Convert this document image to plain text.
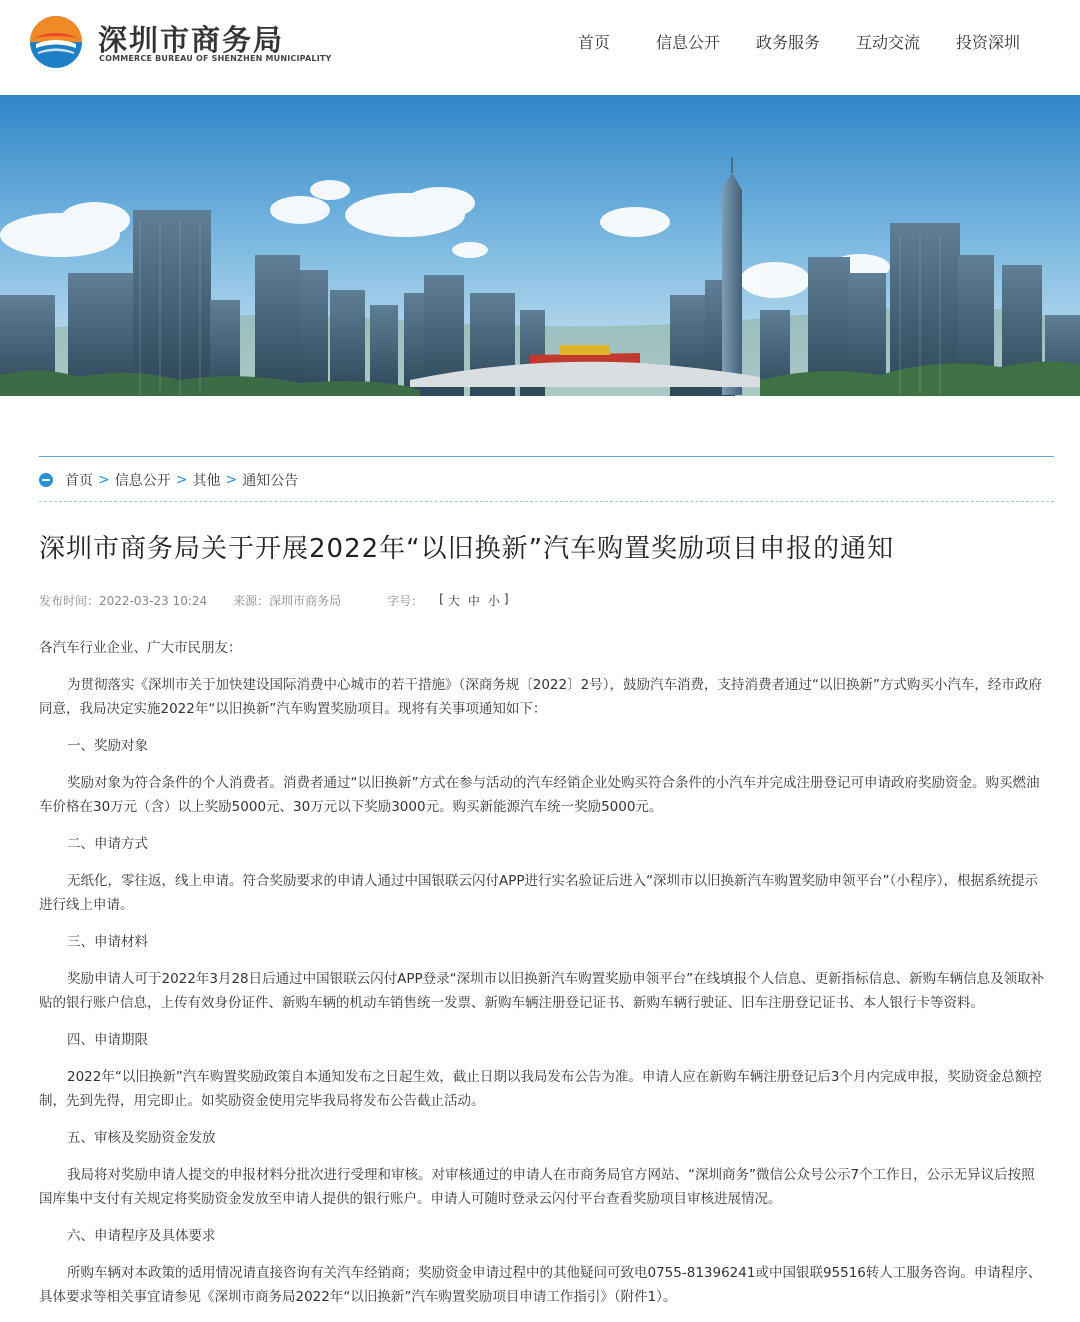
深圳市商务局
COMMERCE BUREAU OF SHENZHEN MUNICIPALITY
首页	信息公开 政务服务 互动交流 投资深圳
首页 > 信息公开 > 其他 > 通知公告
深圳市商务局关于开展2022年“以旧换新”汽车购置奖励项目申报的通知
发布时间：2022-03-23 10:24 来源：深圳市商务局	字号： [ 大 中 小 ]

各汽车行业企业、广大市民朋友：

为贯彻落实《深圳市关于加快建设国际消费中心城市的若干措施》（深商务规〔2022〕2号），鼓励汽车消费，支持消费者通过“以旧换新”方式购买小汽车，经市政府同意，我局决定实施2022年“以旧换新”汽车购置奖励项目。现将有关事项通知如下：

一、奖励对象

奖励对象为符合条件的个人消费者。消费者通过“以旧换新”方式在参与活动的汽车经销企业处购买符合条件的小汽车并完成注册登记可申请政府奖励资金。购买燃油车价格在30万元（含）以上奖励5000元、30万元以下奖励3000元。购买新能源汽车统一奖励5000元。

二、申请方式

无纸化，零往返，线上申请。符合奖励要求的申请人通过中国银联云闪付APP进行实名验证后进入“深圳市以旧换新汽车购置奖励申领平台”（小程序），根据系统提示进行线上申请。

三、申请材料

奖励申请人可于2022年3月28日后通过中国银联云闪付APP登录“深圳市以旧换新汽车购置奖励申领平台”在线填报个人信息、更新指标信息、新购车辆信息及领取补贴的银行账户信息，上传有效身份证件、新购车辆的机动车销售统一发票、新购车辆注册登记证书、新购车辆行驶证、旧车注册登记证书、本人银行卡等资料。

四、申请期限

2022年“以旧换新”汽车购置奖励政策自本通知发布之日起生效，截止日期以我局发布公告为准。申请人应在新购车辆注册登记后3个月内完成申报，奖励资金总额控制，先到先得，用完即止。如奖励资金使用完毕我局将发布公告截止活动。

五、审核及奖励资金发放

我局将对奖励申请人提交的申报材料分批次进行受理和审核。对审核通过的申请人在市商务局官方网站、“深圳商务”微信公众号公示7个工作日，公示无异议后按照国库集中支付有关规定将奖励资金发放至申请人提供的银行账户。申请人可随时登录云闪付平台查看奖励项目审核进展情况。

六、申请程序及具体要求

所购车辆对本政策的适用情况请直接咨询有关汽车经销商；奖励资金申请过程中的其他疑问可致电0755-81396241或中国银联95516转人工服务咨询。申请程序、具体要求等相关事宜请参见《深圳市商务局2022年“以旧换新”汽车购置奖励项目申请工作指引》（附件1）。
